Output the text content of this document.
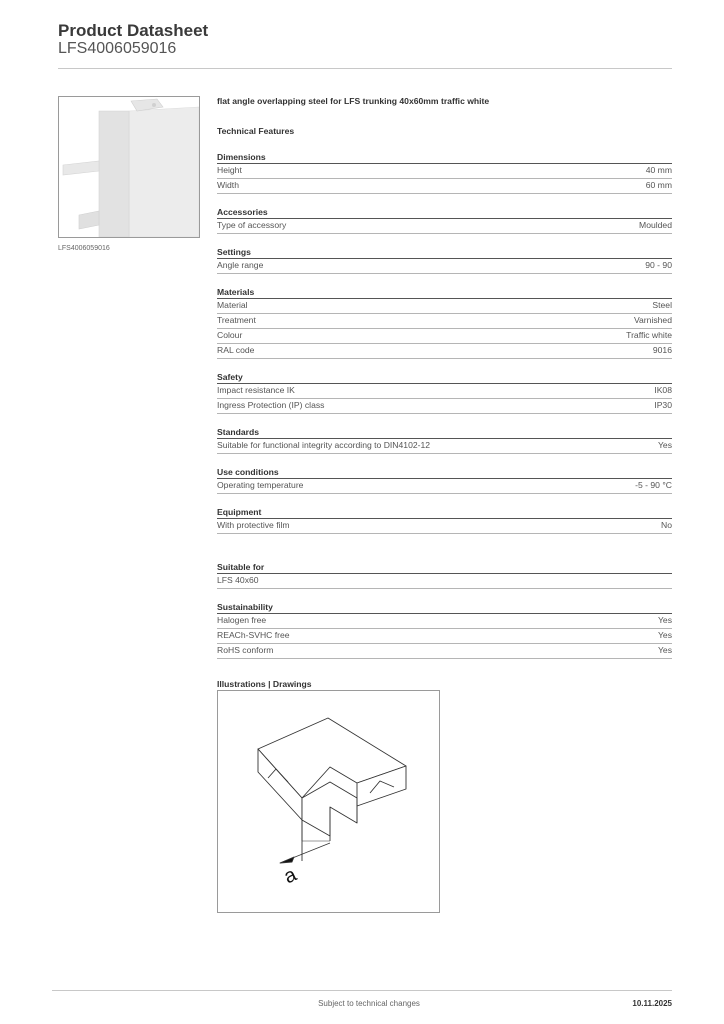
Product Datasheet
LFS4006059016
LFS4006059016
flat angle overlapping steel for LFS trunking 40x60mm traffic white
Technical Features
Dimensions
Height	40 mm
Width	60 mm
Accessories
Type of accessory	Moulded
Settings
Angle range	90 - 90
Materials
Material	Steel
Treatment	Varnished
Colour	Traffic white
RAL code	9016
Safety
Impact resistance IK	IK08
Ingress Protection (IP) class	IP30
Standards
Suitable for functional integrity according to DIN4102-12	Yes
Use conditions
Operating temperature	-5 - 90 °C
Equipment
With protective film	No
Suitable for
LFS 40x60
Sustainability
Halogen free	Yes
REACh-SVHC free	Yes
RoHS conform	Yes
Illustrations | Drawings
a
Subject to technical changes	10.11.2025
